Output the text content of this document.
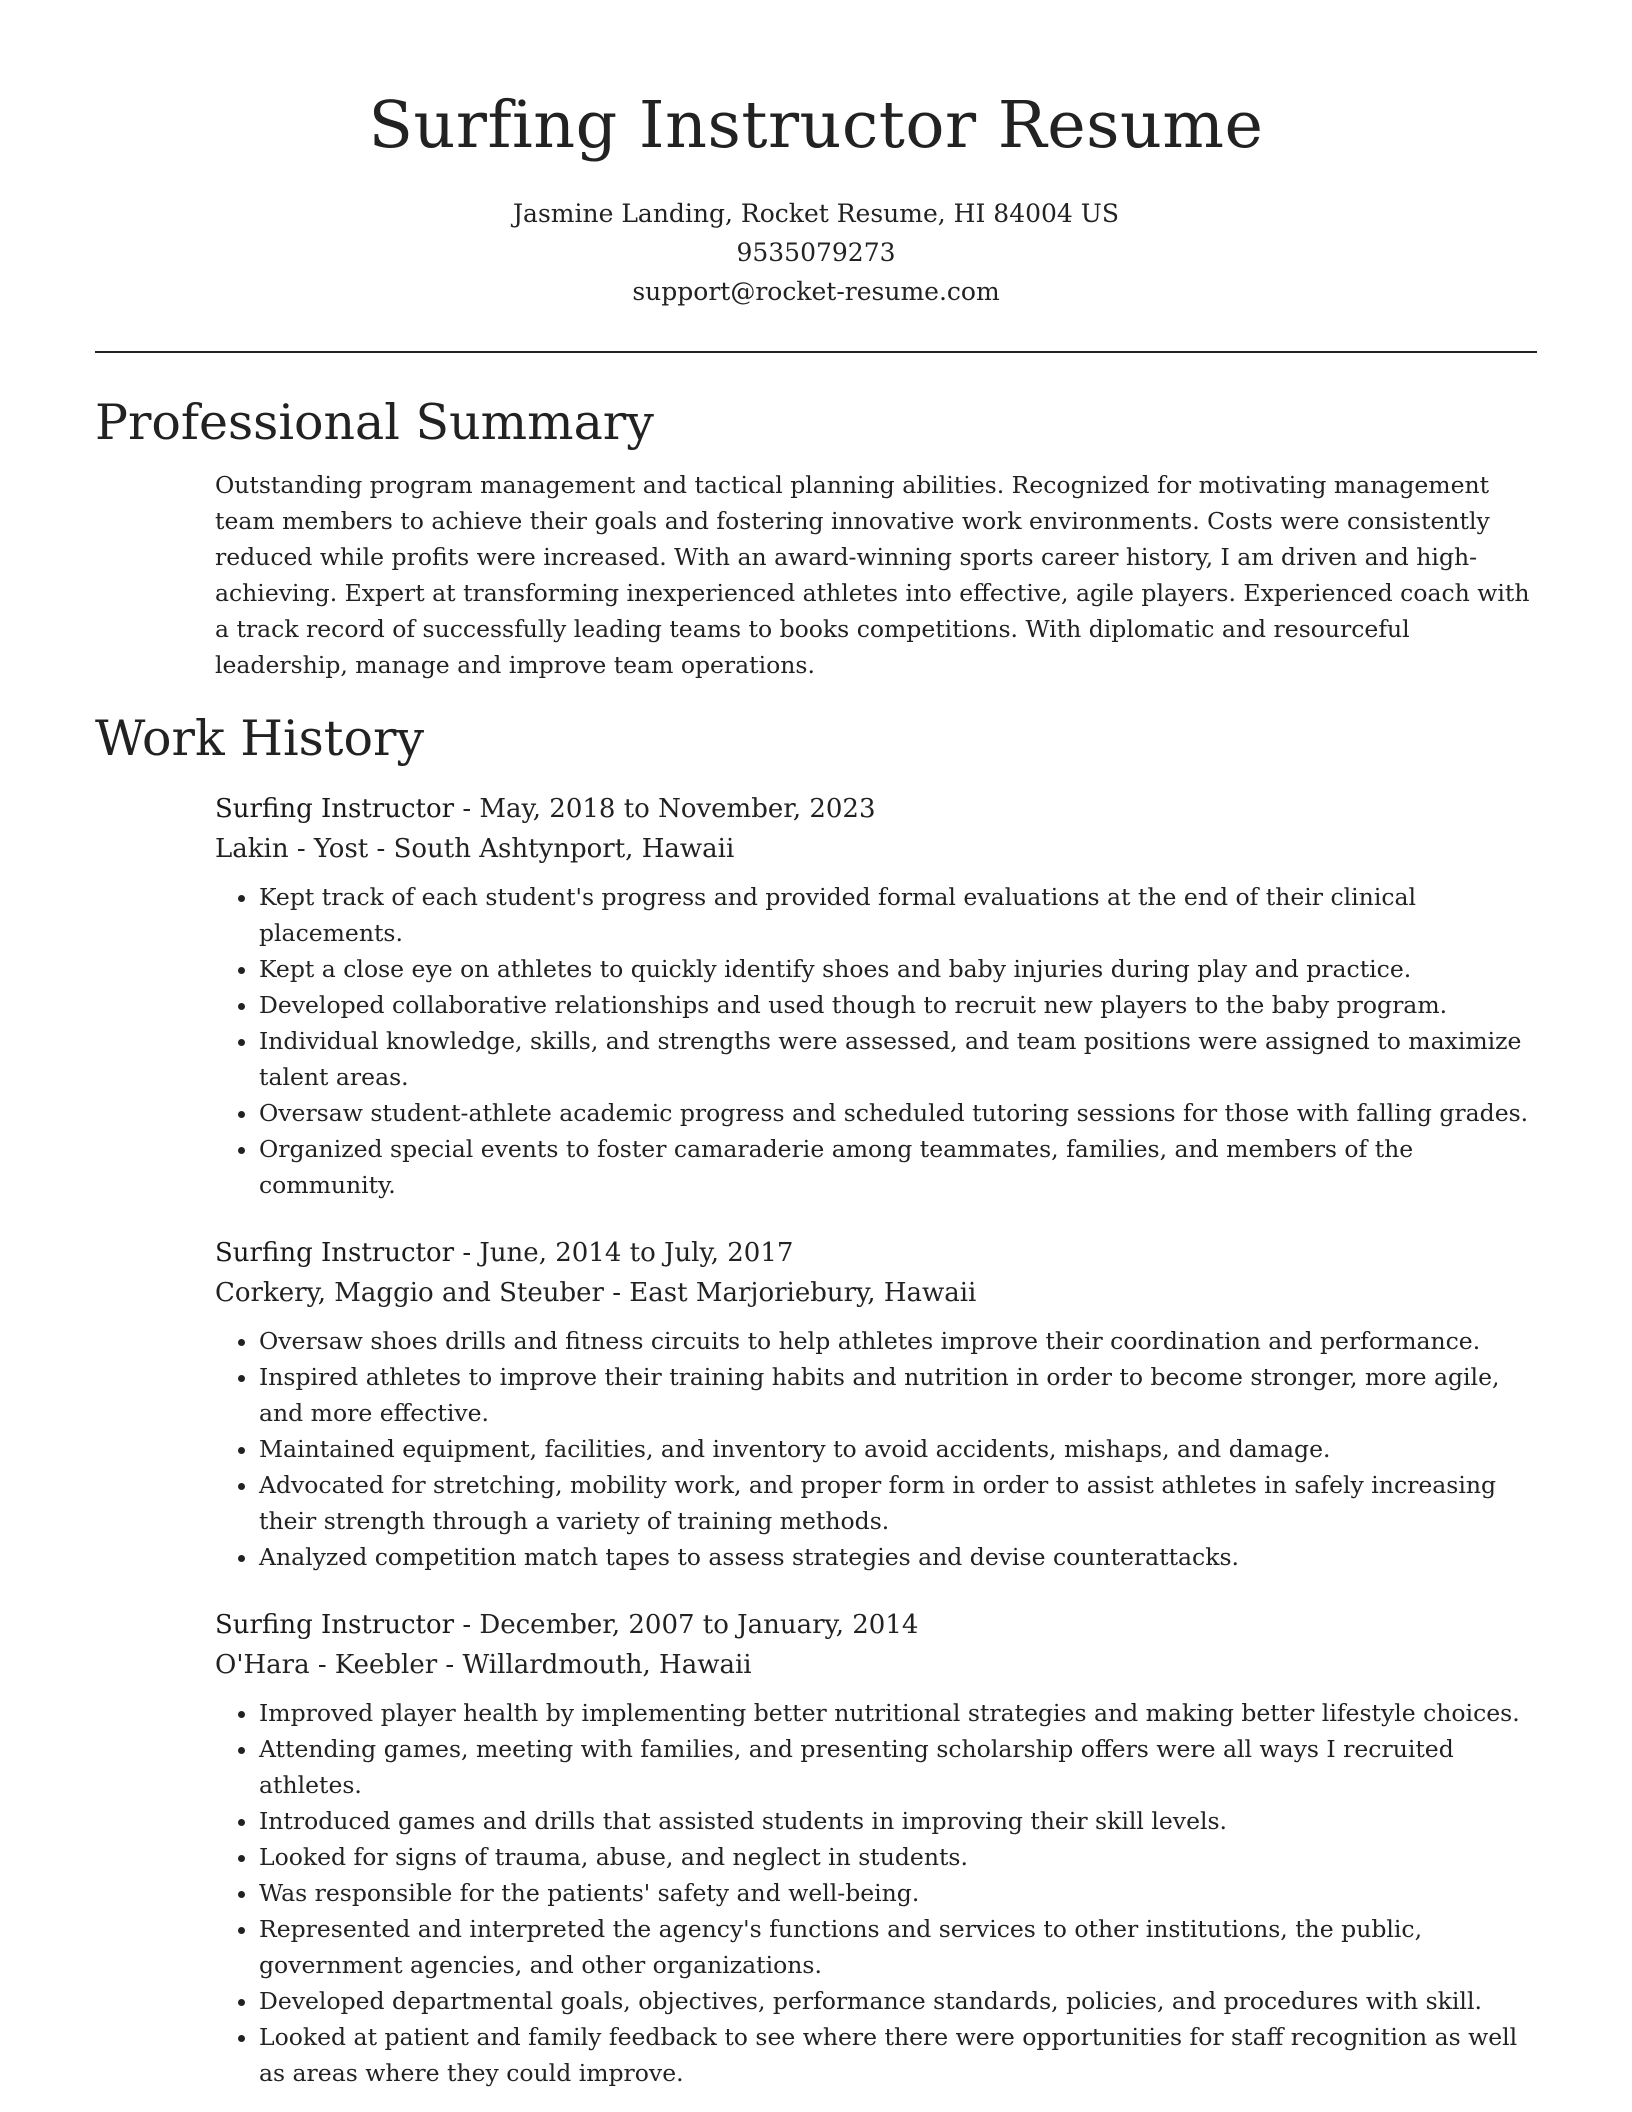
Surfing Instructor Resume
Jasmine Landing, Rocket Resume, HI 84004 US
9535079273
support@rocket-resume.com
Professional Summary

Outstanding program management and tactical planning abilities. Recognized for motivating management team members to achieve their goals and fostering innovative work environments. Costs were consistently reduced while profits were increased. With an award-winning sports career history, I am driven and high-achieving. Expert at transforming inexperienced athletes into effective, agile players. Experienced coach with a track record of successfully leading teams to books competitions. With diplomatic and resourceful leadership, manage and improve team operations.

Work History
Surfing Instructor - May, 2018 to November, 2023
Lakin - Yost - South Ashtynport, Hawaii
• Kept track of each student's progress and provided formal evaluations at the end of their clinical placements.
• Kept a close eye on athletes to quickly identify shoes and baby injuries during play and practice.
• Developed collaborative relationships and used though to recruit new players to the baby program.
• Individual knowledge, skills, and strengths were assessed, and team positions were assigned to maximize talent areas.
• Oversaw student-athlete academic progress and scheduled tutoring sessions for those with falling grades.
• Organized special events to foster camaraderie among teammates, families, and members of the community.
Surfing Instructor - June, 2014 to July, 2017
Corkery, Maggio and Steuber - East Marjoriebury, Hawaii
• Oversaw shoes drills and fitness circuits to help athletes improve their coordination and performance.
• Inspired athletes to improve their training habits and nutrition in order to become stronger, more agile, and more effective.
• Maintained equipment, facilities, and inventory to avoid accidents, mishaps, and damage.
• Advocated for stretching, mobility work, and proper form in order to assist athletes in safely increasing their strength through a variety of training methods.
• Analyzed competition match tapes to assess strategies and devise counterattacks.
Surfing Instructor - December, 2007 to January, 2014
O'Hara - Keebler - Willardmouth, Hawaii
• Improved player health by implementing better nutritional strategies and making better lifestyle choices.
• Attending games, meeting with families, and presenting scholarship offers were all ways I recruited athletes.
• Introduced games and drills that assisted students in improving their skill levels.
• Looked for signs of trauma, abuse, and neglect in students.
• Was responsible for the patients' safety and well-being.
• Represented and interpreted the agency's functions and services to other institutions, the public, government agencies, and other organizations.
• Developed departmental goals, objectives, performance standards, policies, and procedures with skill.
• Looked at patient and family feedback to see where there were opportunities for staff recognition as well as areas where they could improve.
